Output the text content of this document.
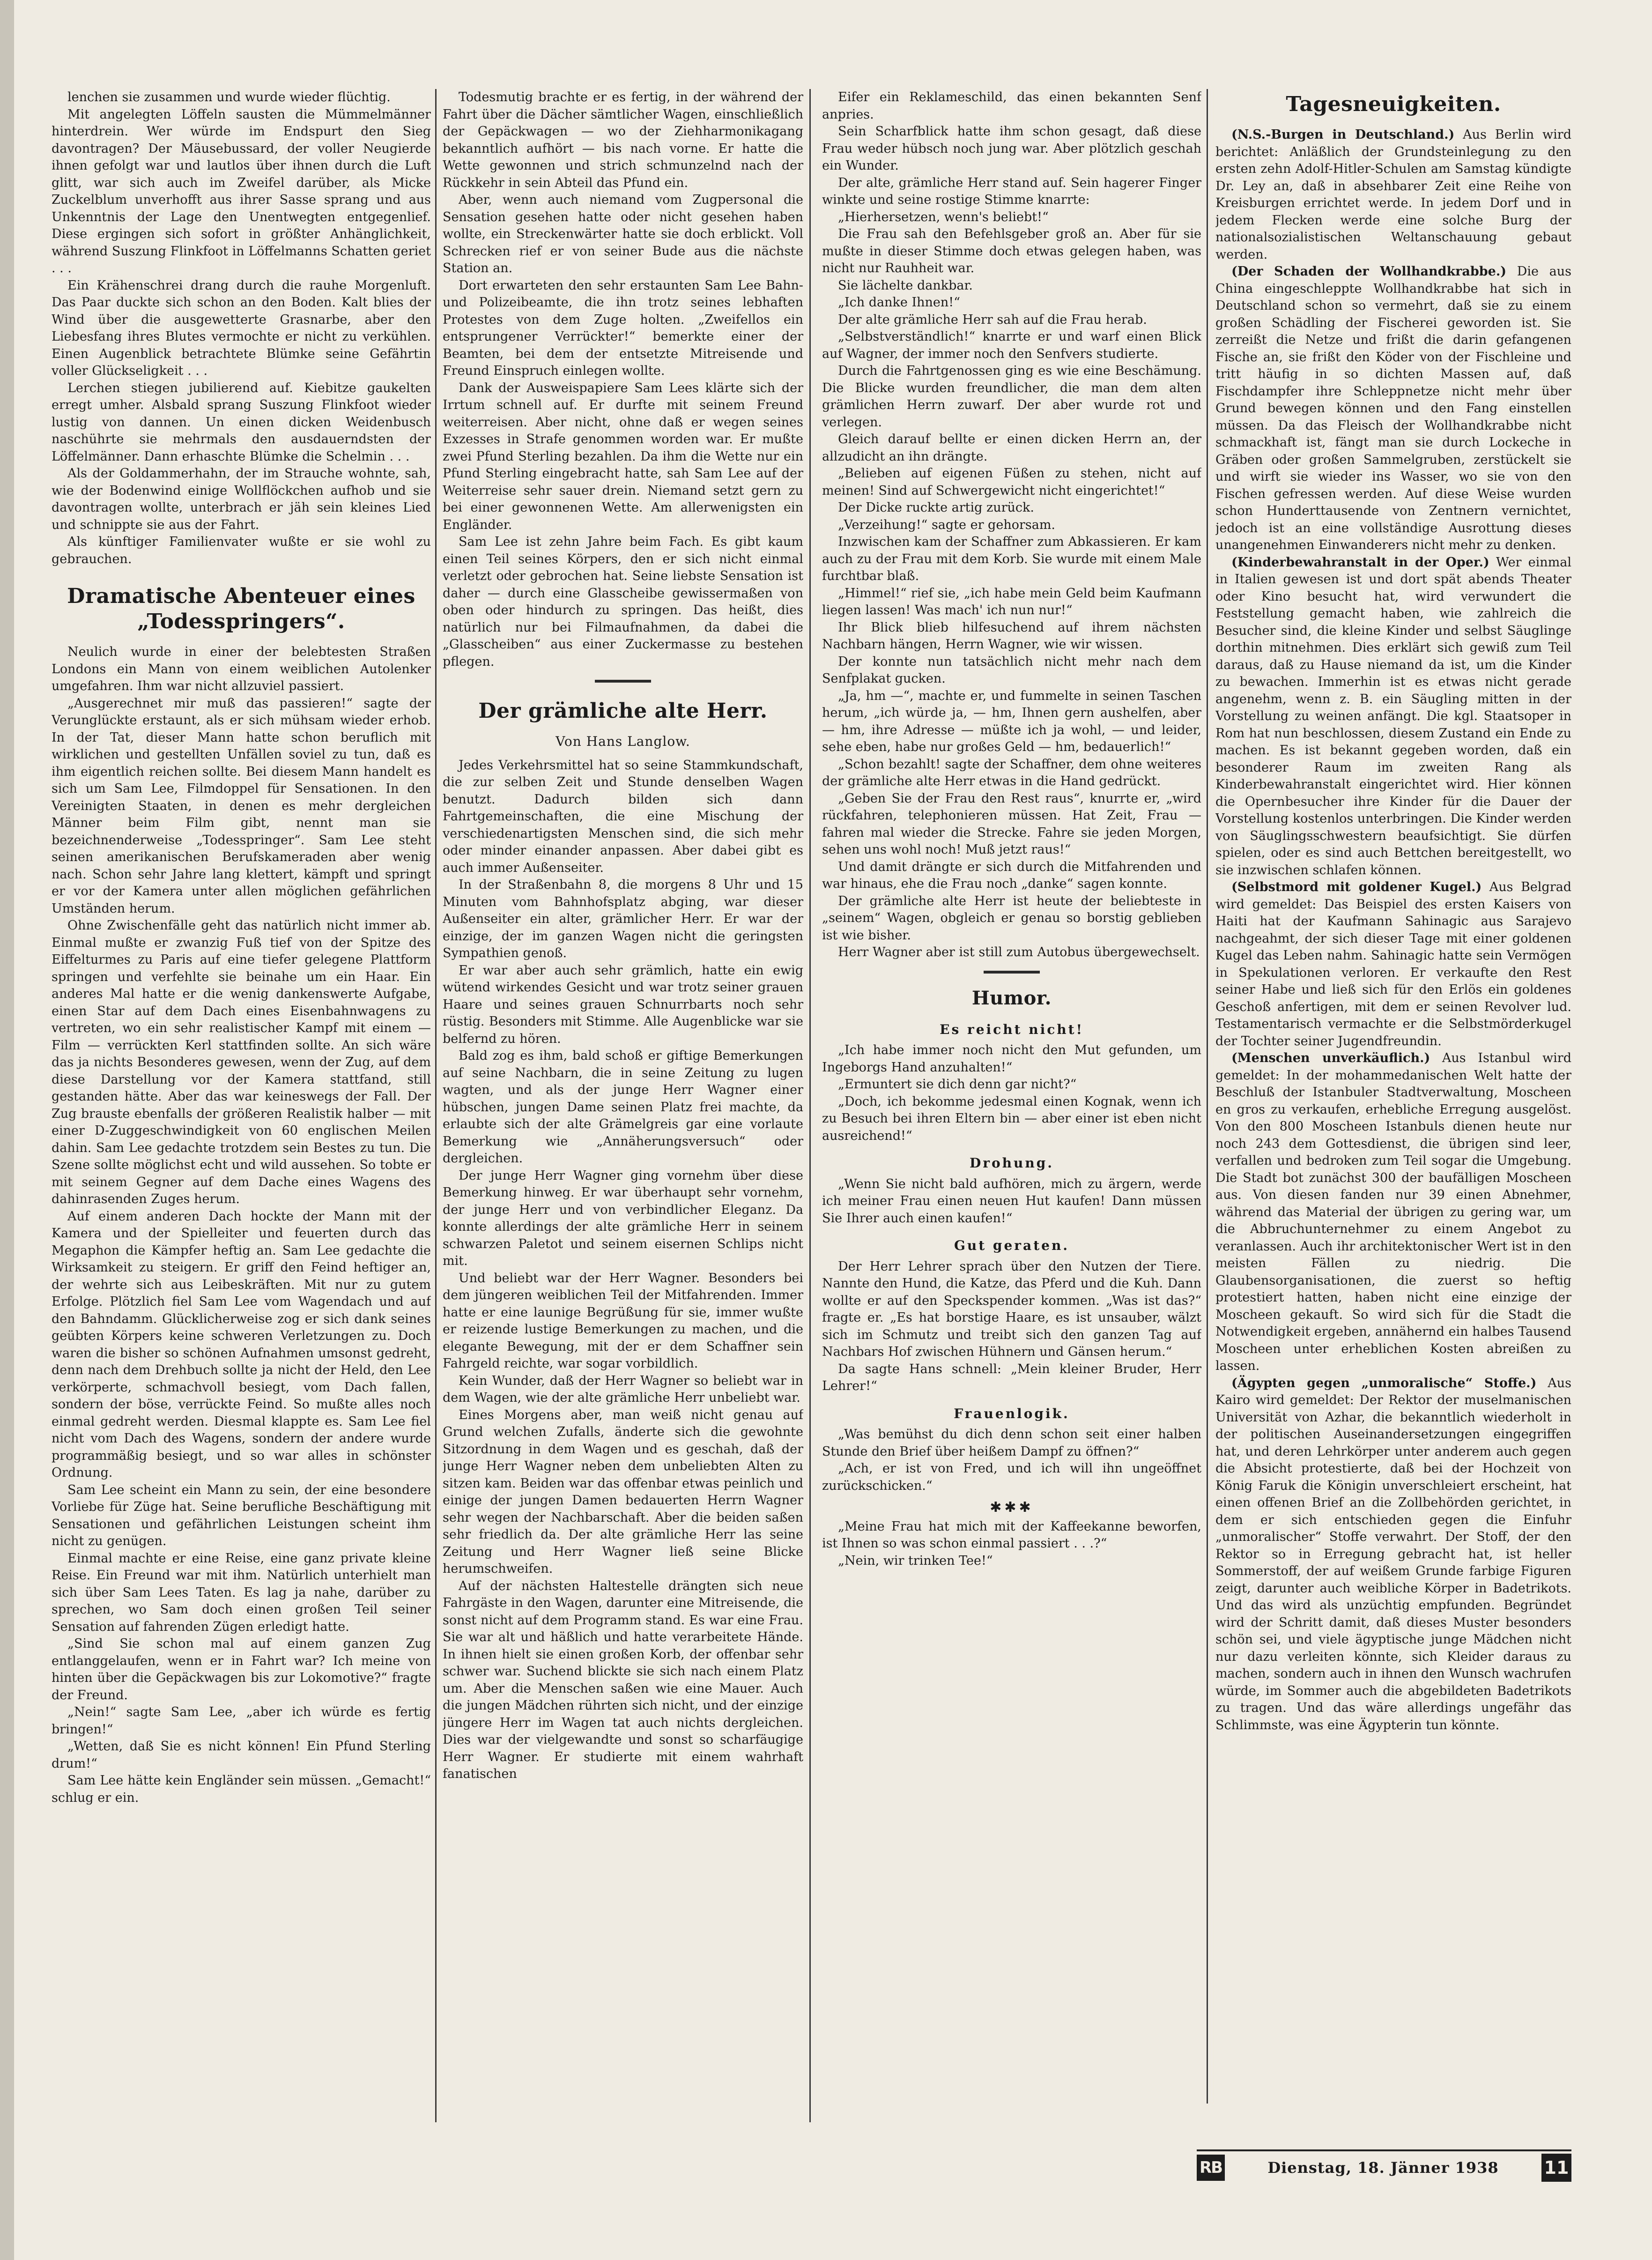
lenchen sie zusammen und wurde wieder flüchtig.

Mit angelegten Löffeln sausten die Mümmelmänner hinterdrein. Wer würde im Endspurt den Sieg davontragen? Der Mäusebussard, der voller Neugierde ihnen gefolgt war und lautlos über ihnen durch die Luft glitt, war sich auch im Zweifel darüber, als Micke Zuckelblum unverhofft aus ihrer Sasse sprang und aus Unkenntnis der Lage den Unentwegten entgegenlief. Diese ergingen sich sofort in größter Anhänglichkeit, während Suszung Flinkfoot in Löffelmanns Schatten geriet . . .

Ein Krähenschrei drang durch die rauhe Morgenluft. Das Paar duckte sich schon an den Boden. Kalt blies der Wind über die ausgewetterte Grasnarbe, aber den Liebesfang ihres Blutes vermochte er nicht zu verkühlen. Einen Augenblick betrachtete Blümke seine Gefährtin voller Glückseligkeit . . .

Lerchen stiegen jubilierend auf. Kiebitze gaukelten erregt umher. Alsbald sprang Suszung Flinkfoot wieder lustig von dannen. Un einen dicken Weidenbusch naschührte sie mehrmals den ausdauerndsten der Löffelmänner. Dann erhaschte Blümke die Schelmin . . .

Als der Goldammerhahn, der im Strauche wohnte, sah, wie der Bodenwind einige Wollflöckchen aufhob und sie davontragen wollte, unterbrach er jäh sein kleines Lied und schnippte sie aus der Fahrt.

Als künftiger Familienvater wußte er sie wohl zu gebrauchen.

Dramatische Abenteuer eines „Todesspringers“.

Neulich wurde in einer der belebtesten Straßen Londons ein Mann von einem weiblichen Autolenker umgefahren. Ihm war nicht allzuviel passiert.

„Ausgerechnet mir muß das passieren!“ sagte der Verunglückte erstaunt, als er sich mühsam wieder erhob. In der Tat, dieser Mann hatte schon beruflich mit wirklichen und gestellten Unfällen soviel zu tun, daß es ihm eigentlich reichen sollte. Bei diesem Mann handelt es sich um Sam Lee, Filmdoppel für Sensationen. In den Vereinigten Staaten, in denen es mehr dergleichen Männer beim Film gibt, nennt man sie bezeichnenderweise „Todesspringer“. Sam Lee steht seinen amerikanischen Berufskameraden aber wenig nach. Schon sehr Jahre lang klettert, kämpft und springt er vor der Kamera unter allen möglichen gefährlichen Umständen herum.

Ohne Zwischenfälle geht das natürlich nicht immer ab. Einmal mußte er zwanzig Fuß tief von der Spitze des Eiffelturmes zu Paris auf eine tiefer gelegene Plattform springen und verfehlte sie beinahe um ein Haar. Ein anderes Mal hatte er die wenig dankenswerte Aufgabe, einen Star auf dem Dach eines Eisenbahnwagens zu vertreten, wo ein sehr realistischer Kampf mit einem — Film — verrückten Kerl stattfinden sollte. An sich wäre das ja nichts Besonderes gewesen, wenn der Zug, auf dem diese Darstellung vor der Kamera stattfand, still gestanden hätte. Aber das war keineswegs der Fall. Der Zug brauste ebenfalls der größeren Realistik halber — mit einer D-Zuggeschwindigkeit von 60 englischen Meilen dahin. Sam Lee gedachte trotzdem sein Bestes zu tun. Die Szene sollte möglichst echt und wild aussehen. So tobte er mit seinem Gegner auf dem Dache eines Wagens des dahinrasenden Zuges herum.

Auf einem anderen Dach hockte der Mann mit der Kamera und der Spielleiter und feuerten durch das Megaphon die Kämpfer heftig an. Sam Lee gedachte die Wirksamkeit zu steigern. Er griff den Feind heftiger an, der wehrte sich aus Leibeskräften. Mit nur zu gutem Erfolge. Plötzlich fiel Sam Lee vom Wagendach und auf den Bahndamm. Glücklicherweise zog er sich dank seines geübten Körpers keine schweren Verletzungen zu. Doch waren die bisher so schönen Aufnahmen umsonst gedreht, denn nach dem Drehbuch sollte ja nicht der Held, den Lee verkörperte, schmachvoll besiegt, vom Dach fallen, sondern der böse, verrückte Feind. So mußte alles noch einmal gedreht werden. Diesmal klappte es. Sam Lee fiel nicht vom Dach des Wagens, sondern der andere wurde programmäßig besiegt, und so war alles in schönster Ordnung.

Sam Lee scheint ein Mann zu sein, der eine besondere Vorliebe für Züge hat. Seine berufliche Beschäftigung mit Sensationen und gefährlichen Leistungen scheint ihm nicht zu genügen.

Einmal machte er eine Reise, eine ganz private kleine Reise. Ein Freund war mit ihm. Natürlich unterhielt man sich über Sam Lees Taten. Es lag ja nahe, darüber zu sprechen, wo Sam doch einen großen Teil seiner Sensation auf fahrenden Zügen erledigt hatte.

„Sind Sie schon mal auf einem ganzen Zug entlanggelaufen, wenn er in Fahrt war? Ich meine von hinten über die Gepäckwagen bis zur Lokomotive?“ fragte der Freund.

„Nein!“ sagte Sam Lee, „aber ich würde es fertig bringen!“

„Wetten, daß Sie es nicht können! Ein Pfund Sterling drum!“

Sam Lee hätte kein Engländer sein müssen. „Gemacht!“ schlug er ein.

Todesmutig brachte er es fertig, in der während der Fahrt über die Dächer sämtlicher Wagen, einschließlich der Gepäckwagen — wo der Ziehharmonikagang bekanntlich aufhört — bis nach vorne. Er hatte die Wette gewonnen und strich schmunzelnd nach der Rückkehr in sein Abteil das Pfund ein.

Aber, wenn auch niemand vom Zugpersonal die Sensation gesehen hatte oder nicht gesehen haben wollte, ein Streckenwärter hatte sie doch erblickt. Voll Schrecken rief er von seiner Bude aus die nächste Station an.

Dort erwarteten den sehr erstaunten Sam Lee Bahn- und Polizeibeamte, die ihn trotz seines lebhaften Protestes von dem Zuge holten. „Zweifellos ein entsprungener Verrückter!“ bemerkte einer der Beamten, bei dem der entsetzte Mitreisende und Freund Einspruch einlegen wollte.

Dank der Ausweispapiere Sam Lees klärte sich der Irrtum schnell auf. Er durfte mit seinem Freund weiterreisen. Aber nicht, ohne daß er wegen seines Exzesses in Strafe genommen worden war. Er mußte zwei Pfund Sterling bezahlen. Da ihm die Wette nur ein Pfund Sterling eingebracht hatte, sah Sam Lee auf der Weiterreise sehr sauer drein. Niemand setzt gern zu bei einer gewonnenen Wette. Am allerwenigsten ein Engländer.

Sam Lee ist zehn Jahre beim Fach. Es gibt kaum einen Teil seines Körpers, den er sich nicht einmal verletzt oder gebrochen hat. Seine liebste Sensation ist daher — durch eine Glasscheibe gewissermaßen von oben oder hindurch zu springen. Das heißt, dies natürlich nur bei Filmaufnahmen, da dabei die „Glasscheiben“ aus einer Zuckermasse zu bestehen pflegen.

Der grämliche alte Herr.
Von Hans Langlow.

Jedes Verkehrsmittel hat so seine Stammkundschaft, die zur selben Zeit und Stunde denselben Wagen benutzt. Dadurch bilden sich dann Fahrtgemeinschaften, die eine Mischung der verschiedenartigsten Menschen sind, die sich mehr oder minder einander anpassen. Aber dabei gibt es auch immer Außenseiter.

In der Straßenbahn 8, die morgens 8 Uhr und 15 Minuten vom Bahnhofsplatz abging, war dieser Außenseiter ein alter, grämlicher Herr. Er war der einzige, der im ganzen Wagen nicht die geringsten Sympathien genoß.

Er war aber auch sehr grämlich, hatte ein ewig wütend wirkendes Gesicht und war trotz seiner grauen Haare und seines grauen Schnurrbarts noch sehr rüstig. Besonders mit Stimme. Alle Augenblicke war sie belfernd zu hören.

Bald zog es ihm, bald schoß er giftige Bemerkungen auf seine Nachbarn, die in seine Zeitung zu lugen wagten, und als der junge Herr Wagner einer hübschen, jungen Dame seinen Platz frei machte, da erlaubte sich der alte Grämelgreis gar eine vorlaute Bemerkung wie „Annäherungsversuch“ oder dergleichen.

Der junge Herr Wagner ging vornehm über diese Bemerkung hinweg. Er war überhaupt sehr vornehm, der junge Herr und von verbindlicher Eleganz. Da konnte allerdings der alte grämliche Herr in seinem schwarzen Paletot und seinem eisernen Schlips nicht mit.

Und beliebt war der Herr Wagner. Besonders bei dem jüngeren weiblichen Teil der Mitfahrenden. Immer hatte er eine launige Begrüßung für sie, immer wußte er reizende lustige Bemerkungen zu machen, und die elegante Bewegung, mit der er dem Schaffner sein Fahrgeld reichte, war sogar vorbildlich.

Kein Wunder, daß der Herr Wagner so beliebt war in dem Wagen, wie der alte grämliche Herr unbeliebt war.

Eines Morgens aber, man weiß nicht genau auf Grund welchen Zufalls, änderte sich die gewohnte Sitzordnung in dem Wagen und es geschah, daß der junge Herr Wagner neben dem unbeliebten Alten zu sitzen kam. Beiden war das offenbar etwas peinlich und einige der jungen Damen bedauerten Herrn Wagner sehr wegen der Nachbarschaft. Aber die beiden saßen sehr friedlich da. Der alte grämliche Herr las seine Zeitung und Herr Wagner ließ seine Blicke herumschweifen.

Auf der nächsten Haltestelle drängten sich neue Fahrgäste in den Wagen, darunter eine Mitreisende, die sonst nicht auf dem Programm stand. Es war eine Frau. Sie war alt und häßlich und hatte verarbeitete Hände. In ihnen hielt sie einen großen Korb, der offenbar sehr schwer war. Suchend blickte sie sich nach einem Platz um. Aber die Menschen saßen wie eine Mauer. Auch die jungen Mädchen rührten sich nicht, und der einzige jüngere Herr im Wagen tat auch nichts dergleichen. Dies war der vielgewandte und sonst so scharfäugige Herr Wagner. Er studierte mit einem wahrhaft fanatischen

Eifer ein Reklameschild, das einen bekannten Senf anpries.

Sein Scharfblick hatte ihm schon gesagt, daß diese Frau weder hübsch noch jung war. Aber plötzlich geschah ein Wunder.

Der alte, grämliche Herr stand auf. Sein hagerer Finger winkte und seine rostige Stimme knarrte:

„Hierhersetzen, wenn's beliebt!“

Die Frau sah den Befehlsgeber groß an. Aber für sie mußte in dieser Stimme doch etwas gelegen haben, was nicht nur Rauhheit war.

Sie lächelte dankbar.

„Ich danke Ihnen!“

Der alte grämliche Herr sah auf die Frau herab.

„Selbstverständlich!“ knarrte er und warf einen Blick auf Wagner, der immer noch den Senfvers studierte.

Durch die Fahrtgenossen ging es wie eine Beschämung. Die Blicke wurden freundlicher, die man dem alten grämlichen Herrn zuwarf. Der aber wurde rot und verlegen.

Gleich darauf bellte er einen dicken Herrn an, der allzudicht an ihn drängte.

„Belieben auf eigenen Füßen zu stehen, nicht auf meinen! Sind auf Schwergewicht nicht eingerichtet!“

Der Dicke ruckte artig zurück.

„Verzeihung!“ sagte er gehorsam.

Inzwischen kam der Schaffner zum Abkassieren. Er kam auch zu der Frau mit dem Korb. Sie wurde mit einem Male furchtbar blaß.

„Himmel!“ rief sie, „ich habe mein Geld beim Kaufmann liegen lassen! Was mach' ich nun nur!“

Ihr Blick blieb hilfesuchend auf ihrem nächsten Nachbarn hängen, Herrn Wagner, wie wir wissen.

Der konnte nun tatsächlich nicht mehr nach dem Senfplakat gucken.

„Ja, hm —“, machte er, und fummelte in seinen Taschen herum, „ich würde ja, — hm, Ihnen gern aushelfen, aber — hm, ihre Adresse — müßte ich ja wohl, — und leider, sehe eben, habe nur großes Geld — hm, bedauerlich!“

„Schon bezahlt! sagte der Schaffner, dem ohne weiteres der grämliche alte Herr etwas in die Hand gedrückt.

„Geben Sie der Frau den Rest raus“, knurrte er, „wird rückfahren, telephonieren müssen. Hat Zeit, Frau — fahren mal wieder die Strecke. Fahre sie jeden Morgen, sehen uns wohl noch! Muß jetzt raus!“

Und damit drängte er sich durch die Mitfahrenden und war hinaus, ehe die Frau noch „danke“ sagen konnte.

Der grämliche alte Herr ist heute der beliebteste in „seinem“ Wagen, obgleich er genau so borstig geblieben ist wie bisher.

Herr Wagner aber ist still zum Autobus übergewechselt.

Humor.
Es reicht nicht!

„Ich habe immer noch nicht den Mut gefunden, um Ingeborgs Hand anzuhalten!“

„Ermuntert sie dich denn gar nicht?“

„Doch, ich bekomme jedesmal einen Kognak, wenn ich zu Besuch bei ihren Eltern bin — aber einer ist eben nicht ausreichend!“

Drohung.

„Wenn Sie nicht bald aufhören, mich zu ärgern, werde ich meiner Frau einen neuen Hut kaufen! Dann müssen Sie Ihrer auch einen kaufen!“

Gut geraten.

Der Herr Lehrer sprach über den Nutzen der Tiere. Nannte den Hund, die Katze, das Pferd und die Kuh. Dann wollte er auf den Speckspender kommen. „Was ist das?“ fragte er. „Es hat borstige Haare, es ist unsauber, wälzt sich im Schmutz und treibt sich den ganzen Tag auf Nachbars Hof zwischen Hühnern und Gänsen herum.“

Da sagte Hans schnell: „Mein kleiner Bruder, Herr Lehrer!“

Frauenlogik.

„Was bemühst du dich denn schon seit einer halben Stunde den Brief über heißem Dampf zu öffnen?“

„Ach, er ist von Fred, und ich will ihn ungeöffnet zurückschicken.“

✱✱✱

„Meine Frau hat mich mit der Kaffeekanne beworfen, ist Ihnen so was schon einmal passiert . . .?“

„Nein, wir trinken Tee!“

Tagesneuigkeiten.

(N.S.-Burgen in Deutschland.) Aus Berlin wird berichtet: Anläßlich der Grundsteinlegung zu den ersten zehn Adolf-Hitler-Schulen am Samstag kündigte Dr. Ley an, daß in absehbarer Zeit eine Reihe von Kreisburgen errichtet werde. In jedem Dorf und in jedem Flecken werde eine solche Burg der nationalsozialistischen Weltanschauung gebaut werden.

(Der Schaden der Wollhandkrabbe.) Die aus China eingeschleppte Wollhandkrabbe hat sich in Deutschland schon so vermehrt, daß sie zu einem großen Schädling der Fischerei geworden ist. Sie zerreißt die Netze und frißt die darin gefangenen Fische an, sie frißt den Köder von der Fischleine und tritt häufig in so dichten Massen auf, daß Fischdampfer ihre Schleppnetze nicht mehr über Grund bewegen können und den Fang einstellen müssen. Da das Fleisch der Wollhandkrabbe nicht schmackhaft ist, fängt man sie durch Lockeche in Gräben oder großen Sammelgruben, zerstückelt sie und wirft sie wieder ins Wasser, wo sie von den Fischen gefressen werden. Auf diese Weise wurden schon Hunderttausende von Zentnern vernichtet, jedoch ist an eine vollständige Ausrottung dieses unangenehmen Einwanderers nicht mehr zu denken.

(Kinderbewahranstalt in der Oper.) Wer einmal in Italien gewesen ist und dort spät abends Theater oder Kino besucht hat, wird verwundert die Feststellung gemacht haben, wie zahlreich die Besucher sind, die kleine Kinder und selbst Säuglinge dorthin mitnehmen. Dies erklärt sich gewiß zum Teil daraus, daß zu Hause niemand da ist, um die Kinder zu bewachen. Immerhin ist es etwas nicht gerade angenehm, wenn z. B. ein Säugling mitten in der Vorstellung zu weinen anfängt. Die kgl. Staatsoper in Rom hat nun beschlossen, diesem Zustand ein Ende zu machen. Es ist bekannt gegeben worden, daß ein besonderer Raum im zweiten Rang als Kinderbewahranstalt eingerichtet wird. Hier können die Opernbesucher ihre Kinder für die Dauer der Vorstellung kostenlos unterbringen. Die Kinder werden von Säuglingsschwestern beaufsichtigt. Sie dürfen spielen, oder es sind auch Bettchen bereitgestellt, wo sie inzwischen schlafen können.

(Selbstmord mit goldener Kugel.) Aus Belgrad wird gemeldet: Das Beispiel des ersten Kaisers von Haiti hat der Kaufmann Sahinagic aus Sarajevo nachgeahmt, der sich dieser Tage mit einer goldenen Kugel das Leben nahm. Sahinagic hatte sein Vermögen in Spekulationen verloren. Er verkaufte den Rest seiner Habe und ließ sich für den Erlös ein goldenes Geschoß anfertigen, mit dem er seinen Revolver lud. Testamentarisch vermachte er die Selbstmörderkugel der Tochter seiner Jugendfreundin.

(Menschen unverkäuflich.) Aus Istanbul wird gemeldet: In der mohammedanischen Welt hatte der Beschluß der Istanbuler Stadtverwaltung, Moscheen en gros zu verkaufen, erhebliche Erregung ausgelöst. Von den 800 Moscheen Istanbuls dienen heute nur noch 243 dem Gottesdienst, die übrigen sind leer, verfallen und bedroken zum Teil sogar die Umgebung. Die Stadt bot zunächst 300 der baufälligen Moscheen aus. Von diesen fanden nur 39 einen Abnehmer, während das Material der übrigen zu gering war, um die Abbruchunternehmer zu einem Angebot zu veranlassen. Auch ihr architektonischer Wert ist in den meisten Fällen zu niedrig. Die Glaubensorganisationen, die zuerst so heftig protestiert hatten, haben nicht eine einzige der Moscheen gekauft. So wird sich für die Stadt die Notwendigkeit ergeben, annähernd ein halbes Tausend Moscheen unter erheblichen Kosten abreißen zu lassen.

(Ägypten gegen „unmoralische“ Stoffe.) Aus Kairo wird gemeldet: Der Rektor der muselmanischen Universität von Azhar, die bekanntlich wiederholt in der politischen Auseinandersetzungen eingegriffen hat, und deren Lehrkörper unter anderem auch gegen die Absicht protestierte, daß bei der Hochzeit von König Faruk die Königin unverschleiert erscheint, hat einen offenen Brief an die Zollbehörden gerichtet, in dem er sich entschieden gegen die Einfuhr „unmoralischer“ Stoffe verwahrt. Der Stoff, der den Rektor so in Erregung gebracht hat, ist heller Sommerstoff, der auf weißem Grunde farbige Figuren zeigt, darunter auch weibliche Körper in Badetrikots. Und das wird als unzüchtig empfunden. Begründet wird der Schritt damit, daß dieses Muster besonders schön sei, und viele ägyptische junge Mädchen nicht nur dazu verleiten könnte, sich Kleider daraus zu machen, sondern auch in ihnen den Wunsch wachrufen würde, im Sommer auch die abgebildeten Badetrikots zu tragen. Und das wäre allerdings ungefähr das Schlimmste, was eine Ägypterin tun könnte.

RB	Dienstag, 18. Jänner 1938	11
